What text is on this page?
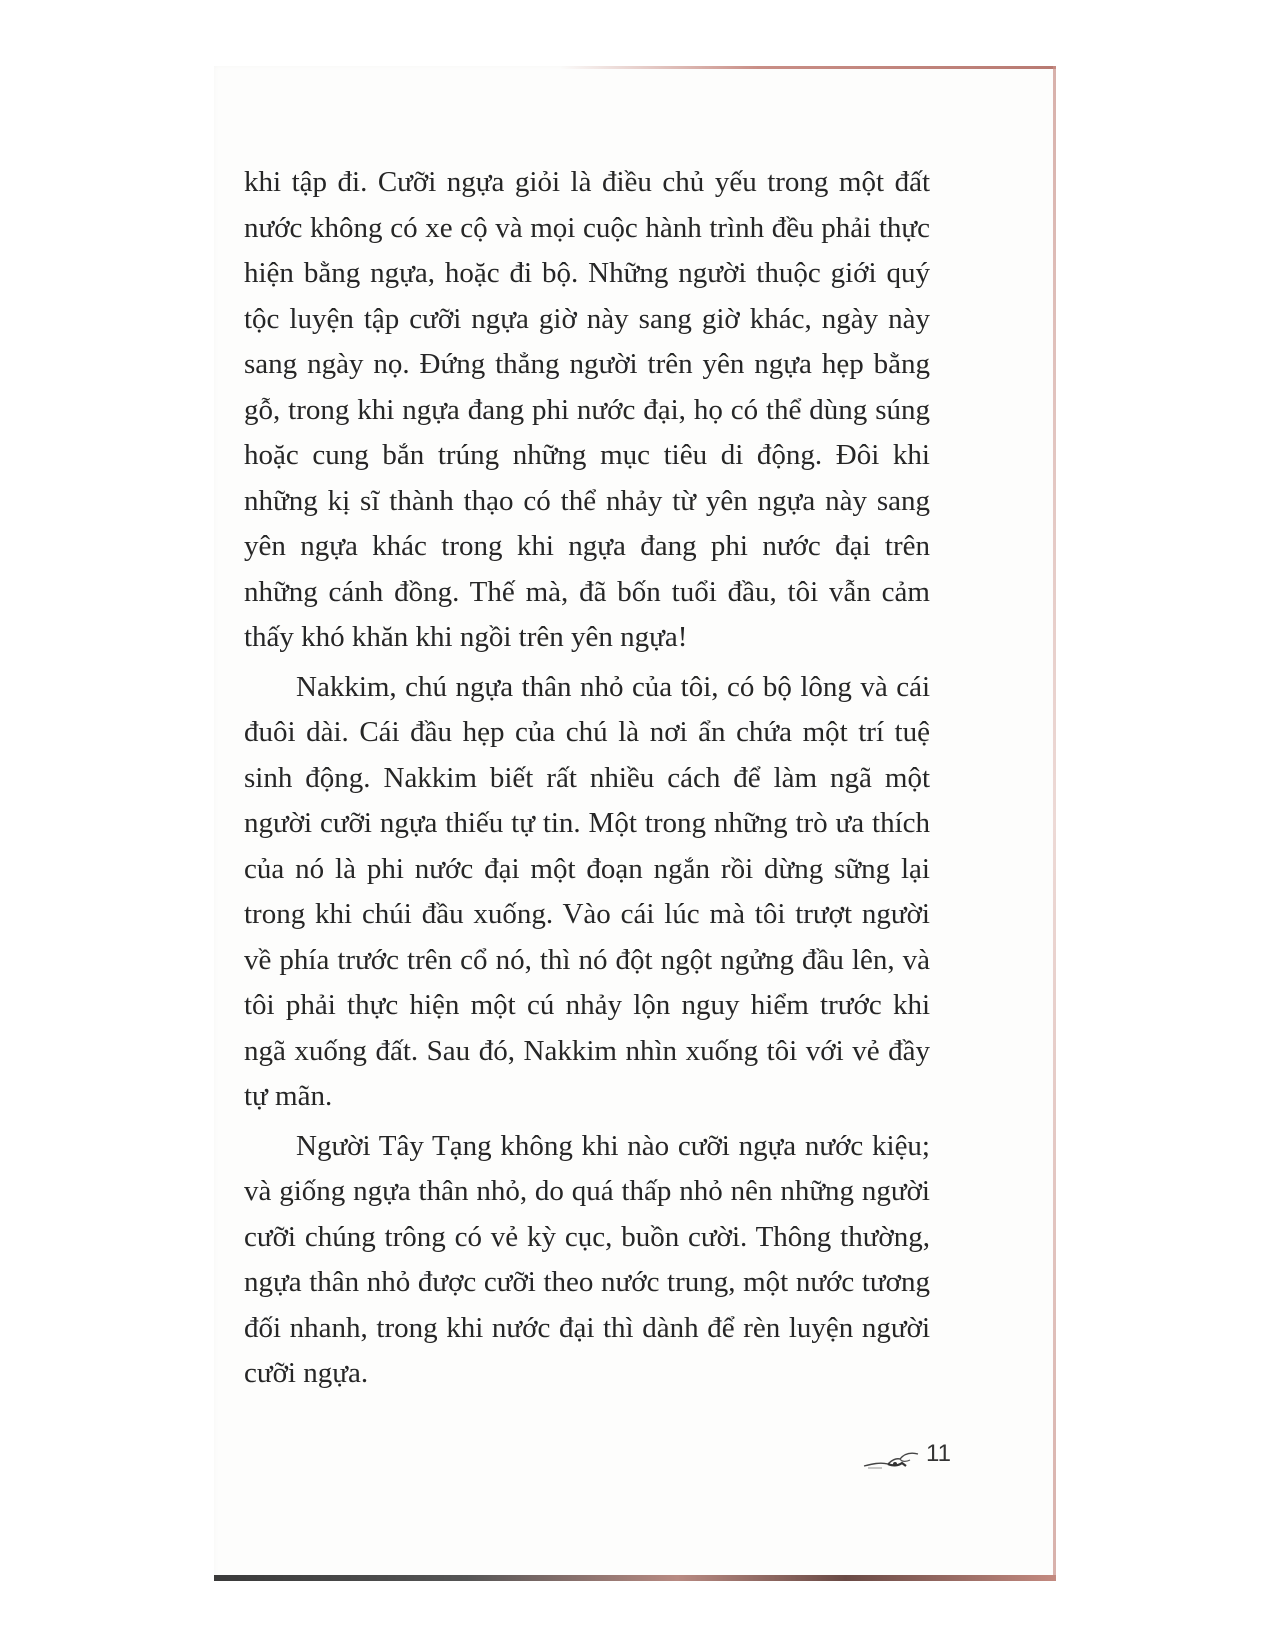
khi tập đi. Cưỡi ngựa giỏi là điều chủ yếu trong một đất nước không có xe cộ và mọi cuộc hành trình đều phải thực hiện bằng ngựa, hoặc đi bộ. Những người thuộc giới quý tộc luyện tập cưỡi ngựa giờ này sang giờ khác, ngày này sang ngày nọ. Đứng thẳng người trên yên ngựa hẹp bằng gỗ, trong khi ngựa đang phi nước đại, họ có thể dùng súng hoặc cung bắn trúng những mục tiêu di động. Đôi khi những kị sĩ thành thạo có thể nhảy từ yên ngựa này sang yên ngựa khác trong khi ngựa đang phi nước đại trên những cánh đồng. Thế mà, đã bốn tuổi đầu, tôi vẫn cảm thấy khó khăn khi ngồi trên yên ngựa!

Nakkim, chú ngựa thân nhỏ của tôi, có bộ lông và cái đuôi dài. Cái đầu hẹp của chú là nơi ẩn chứa một trí tuệ sinh động. Nakkim biết rất nhiều cách để làm ngã một người cưỡi ngựa thiếu tự tin. Một trong những trò ưa thích của nó là phi nước đại một đoạn ngắn rồi dừng sững lại trong khi chúi đầu xuống. Vào cái lúc mà tôi trượt người về phía trước trên cổ nó, thì nó đột ngột ngửng đầu lên, và tôi phải thực hiện một cú nhảy lộn nguy hiểm trước khi ngã xuống đất. Sau đó, Nakkim nhìn xuống tôi với vẻ đầy tự mãn.

Người Tây Tạng không khi nào cưỡi ngựa nước kiệu; và giống ngựa thân nhỏ, do quá thấp nhỏ nên những người cưỡi chúng trông có vẻ kỳ cục, buồn cười. Thông thường, ngựa thân nhỏ được cưỡi theo nước trung, một nước tương đối nhanh, trong khi nước đại thì dành để rèn luyện người cưỡi ngựa.

11
